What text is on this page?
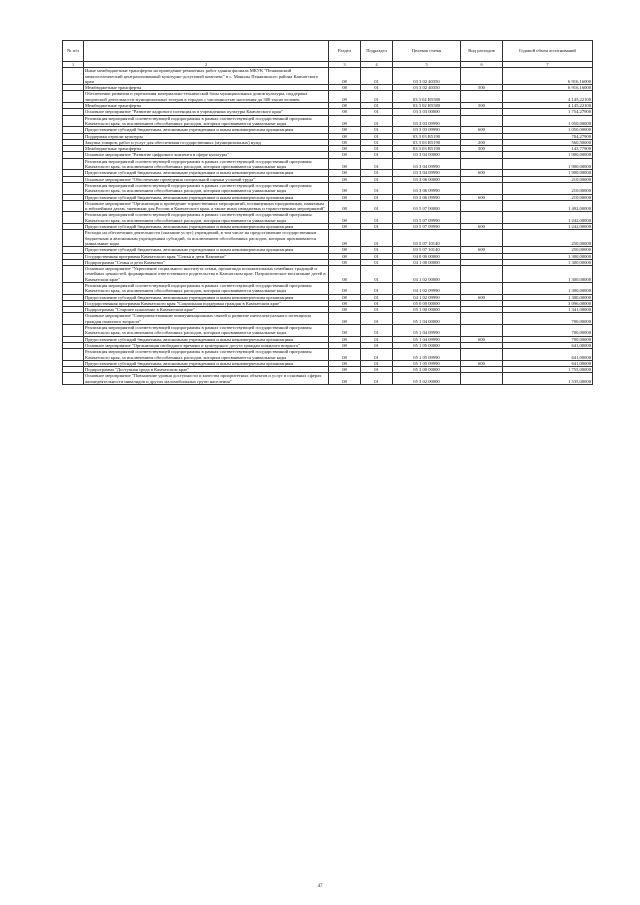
№ п/п		Раздел	Подраздел	Целевая статья	Вид расходов	Годовой объем ассигнований
1	2	3	4	5	6	7
	Иные межбюджетные трансферты на проведение ремонтных работ здания филиала МКУК "Пенжинский межпоселенческий централизованный культурно-досуговый комплекс" в с. Манилы Пенжинского района Камчатского края	08	01	03 3 02 40350		6 916,16000
	Межбюджетные трансферты	08	01	03 3 02 40350	500	6 916,16000
	Обеспечение развития и укрепления материально-технической базы муниципальных домов культуры, поддержка творческой деятельности муниципальных театров в городах с численностью населения до 300 тысяч человек	08	01	03 3 02 R5580		4 145,22100
	Межбюджетные трансферты	08	01	03 3 02 R5580	500	4 145,22100
	Основное мероприятие "Развитие кадрового потенциала в учреждениях культуры Камчатского края"	08	01	03 3 03 00000		1 754,27900
	Реализация мероприятий соответствующей подпрограммы в рамках соответствующей государственной программы Камчатского края, за исключением обособленных расходов, которым присваиваются уникальные коды	08	01	03 3 03 09990		1 050,00000
	Предоставление субсидий бюджетным, автономным учреждениям и иным некоммерческим организациям	08	01	03 3 03 09990	600	1 050,00000
	Поддержка отрасли культуры	08	01	03 3 03 R5190		704,27900
	Закупка товаров, работ и услуг для обеспечения государственных (муниципальных) нужд	08	01	03 3 03 R5190	200	560,50000
	Межбюджетные трансферты	08	01	03 3 03 R5190	500	143,77900
	Основное мероприятие "Развитие цифрового контента в сфере культуры"	08	01	03 3 04 00000		1 900,00000
	Реализация мероприятий соответствующей подпрограммы в рамках соответствующей государственной программы Камчатского края, за исключением обособленных расходов, которым присваиваются уникальные коды	08	01	03 3 04 09990		1 900,00000
	Предоставление субсидий бюджетным, автономным учреждениям и иным некоммерческим организациям	08	01	03 3 04 09990	600	1 900,00000
	Основное мероприятие "Обеспечение проведения специальной оценки условий труда"	08	01	03 3 06 00000		210,00000
	Реализация мероприятий соответствующей подпрограммы в рамках соответствующей государственной программы Камчатского края, за исключением обособленных расходов, которым присваиваются уникальные коды	08	01	03 3 06 09990		210,00000
	Предоставление субсидий бюджетным, автономным учреждениям и иным некоммерческим организациям	08	01	03 3 06 09990	600	210,00000
	Основное мероприятие "Организация и проведение торжественных мероприятий, посвященных праздничным, памятным и юбилейным датам, значимым для России и Камчатского края, а также иных имиджевых и торжественных мероприятий"	08	01	03 5 07 00000		1 492,00000
	Реализация мероприятий соответствующей подпрограммы в рамках соответствующей государственной программы Камчатского края, за исключением обособленных расходов, которым присваиваются уникальные коды	08	01	03 5 07 09990		1 242,00000
	Предоставление субсидий бюджетным, автономным учреждениям и иным некоммерческим организациям	08	01	03 5 07 09990	600	1 242,00000
	Расходы на обеспечение деятельности (оказание услуг) учреждений, в том числе на предоставление государственным бюджетным и автономным учреждениям субсидий, за исключением обособленных расходов, которым присваиваются уникальные коды	08	01	03 5 07 10140		250,00000
	Предоставление субсидий бюджетным, автономным учреждениям и иным некоммерческим организациям	08	01	03 5 07 10140	600	250,00000
	Государственная программа Камчатского края "Семья и дети Камчатки"	08	01	04 0 00 00000		1 300,00000
	Подпрограмма "Семья и дети Камчатки"	08	01	04 1 00 00000		1 300,00000
	Основное мероприятие "Укрепление социального института семьи, пропаганда положительных семейных традиций и семейных ценностей, формирование ответственного родительства в Камчатском крае. Патриотическое воспитание детей в Камчатском крае"	08	01	04 1 02 00000		1 300,00000
	Реализация мероприятий соответствующей подпрограммы в рамках соответствующей государственной программы Камчатского края, за исключением обособленных расходов, которым присваиваются уникальные коды	08	01	04 1 02 09990		1 300,00000
	Предоставление субсидий бюджетным, автономным учреждениям и иным некоммерческим организациям	08	01	04 1 02 09990	600	1 300,00000
	Государственная программа Камчатского края "Социальная поддержка граждан в Камчатском крае"	08	01	05 0 00 00000		3 096,00000
	Подпрограмма "Старшее поколение в Камчатском крае"	08	01	05 1 00 00000		1 341,00000
	Основное мероприятие "Совершенствование коммуникационных связей и развитие интеллектуального потенциала граждан пожилого возраста"	08	01	05 1 04 00000		700,00000
	Реализация мероприятий соответствующей подпрограммы в рамках соответствующей государственной программы Камчатского края, за исключением обособленных расходов, которым присваиваются уникальные коды	08	01	05 1 04 09990		700,00000
	Предоставление субсидий бюджетным, автономным учреждениям и иным некоммерческим организациям	08	01	05 1 04 09990	600	700,00000
	Основное мероприятие "Организация свободного времени и культурного досуга граждан пожилого возраста"	08	01	05 1 05 00000		641,00000
	Реализация мероприятий соответствующей подпрограммы в рамках соответствующей государственной программы Камчатского края, за исключением обособленных расходов, которым присваиваются уникальные коды	08	01	05 1 05 09990		641,00000
	Предоставление субсидий бюджетным, автономным учреждениям и иным некоммерческим организациям	08	01	05 1 05 09990	600	641,00000
	Подпрограмма "Доступная среда в Камчатском крае"	08	01	05 3 00 00000		1 755,00000
	Основное мероприятие "Повышение уровня доступности и качества приоритетных объектов и услуг в основных сферах жизнедеятельности инвалидов и других маломобильных групп населения"	08	01	05 3 02 00000		1 535,00000
47
